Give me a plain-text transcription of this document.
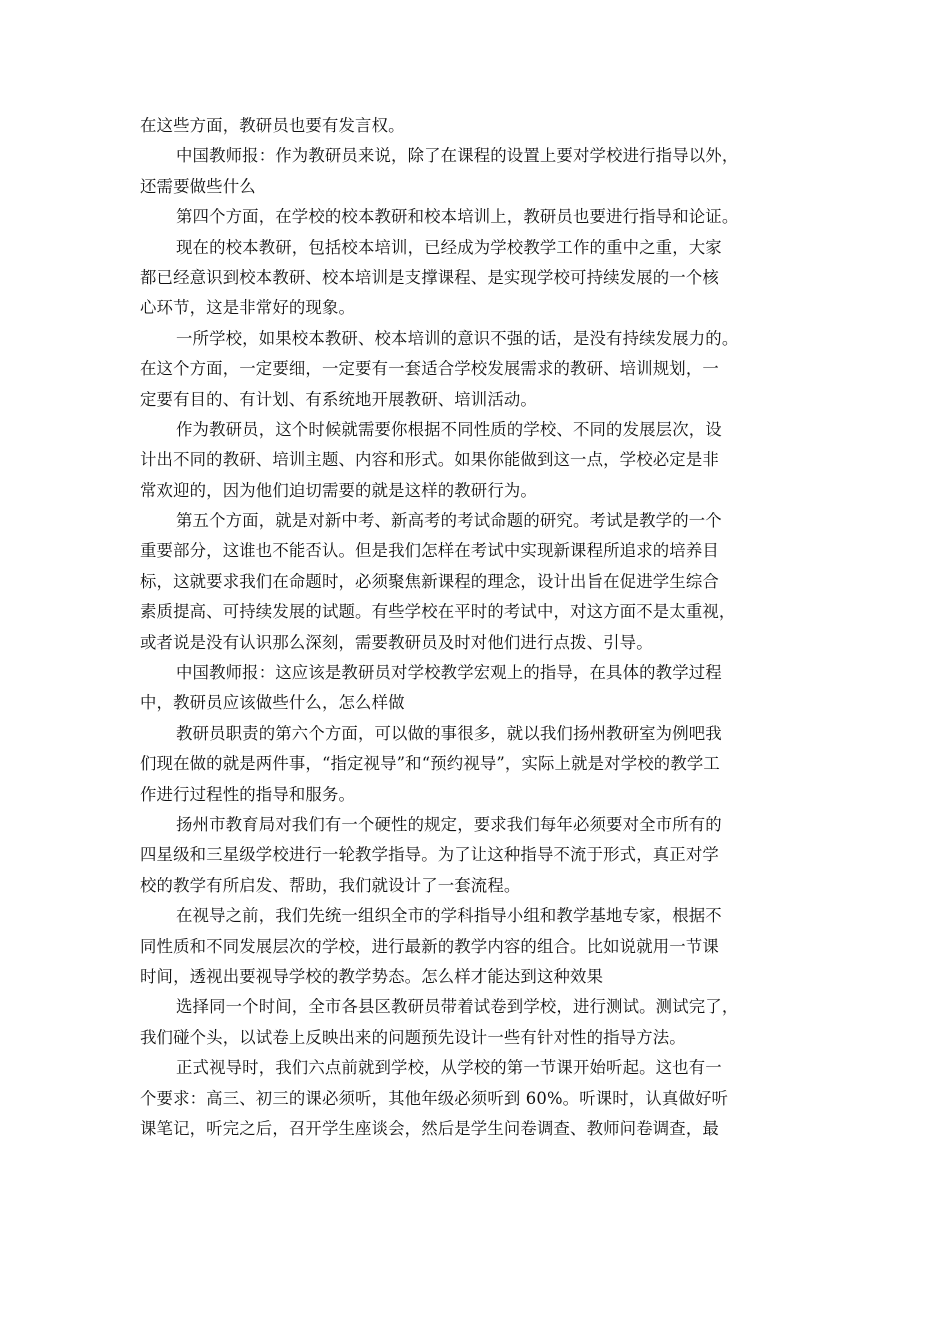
在这些方面，教研员也要有发言权。
中国教师报：作为教研员来说，除了在课程的设置上要对学校进行指导以外，
还需要做些什么
第四个方面，在学校的校本教研和校本培训上，教研员也要进行指导和论证。
现在的校本教研，包括校本培训，已经成为学校教学工作的重中之重，大家
都已经意识到校本教研、校本培训是支撑课程、是实现学校可持续发展的一个核
心环节，这是非常好的现象。
一所学校，如果校本教研、校本培训的意识不强的话，是没有持续发展力的。
在这个方面，一定要细，一定要有一套适合学校发展需求的教研、培训规划，一
定要有目的、有计划、有系统地开展教研、培训活动。
作为教研员，这个时候就需要你根据不同性质的学校、不同的发展层次，设
计出不同的教研、培训主题、内容和形式。如果你能做到这一点，学校必定是非
常欢迎的，因为他们迫切需要的就是这样的教研行为。
第五个方面，就是对新中考、新高考的考试命题的研究。考试是教学的一个
重要部分，这谁也不能否认。但是我们怎样在考试中实现新课程所追求的培养目
标，这就要求我们在命题时，必须聚焦新课程的理念，设计出旨在促进学生综合
素质提高、可持续发展的试题。有些学校在平时的考试中，对这方面不是太重视，
或者说是没有认识那么深刻，需要教研员及时对他们进行点拨、引导。
中国教师报：这应该是教研员对学校教学宏观上的指导，在具体的教学过程
中，教研员应该做些什么，怎么样做
教研员职责的第六个方面，可以做的事很多，就以我们扬州教研室为例吧我
们现在做的就是两件事，“指定视导”和“预约视导”，实际上就是对学校的教学工
作进行过程性的指导和服务。
扬州市教育局对我们有一个硬性的规定，要求我们每年必须要对全市所有的
四星级和三星级学校进行一轮教学指导。为了让这种指导不流于形式，真正对学
校的教学有所启发、帮助，我们就设计了一套流程。
在视导之前，我们先统一组织全市的学科指导小组和教学基地专家，根据不
同性质和不同发展层次的学校，进行最新的教学内容的组合。比如说就用一节课
时间，透视出要视导学校的教学势态。怎么样才能达到这种效果
选择同一个时间，全市各县区教研员带着试卷到学校，进行测试。测试完了，
我们碰个头，以试卷上反映出来的问题预先设计一些有针对性的指导方法。
正式视导时，我们六点前就到学校，从学校的第一节课开始听起。这也有一
个要求：高三、初三的课必须听，其他年级必须听到 60%。听课时，认真做好听
课笔记，听完之后，召开学生座谈会，然后是学生问卷调查、教师问卷调查，最
